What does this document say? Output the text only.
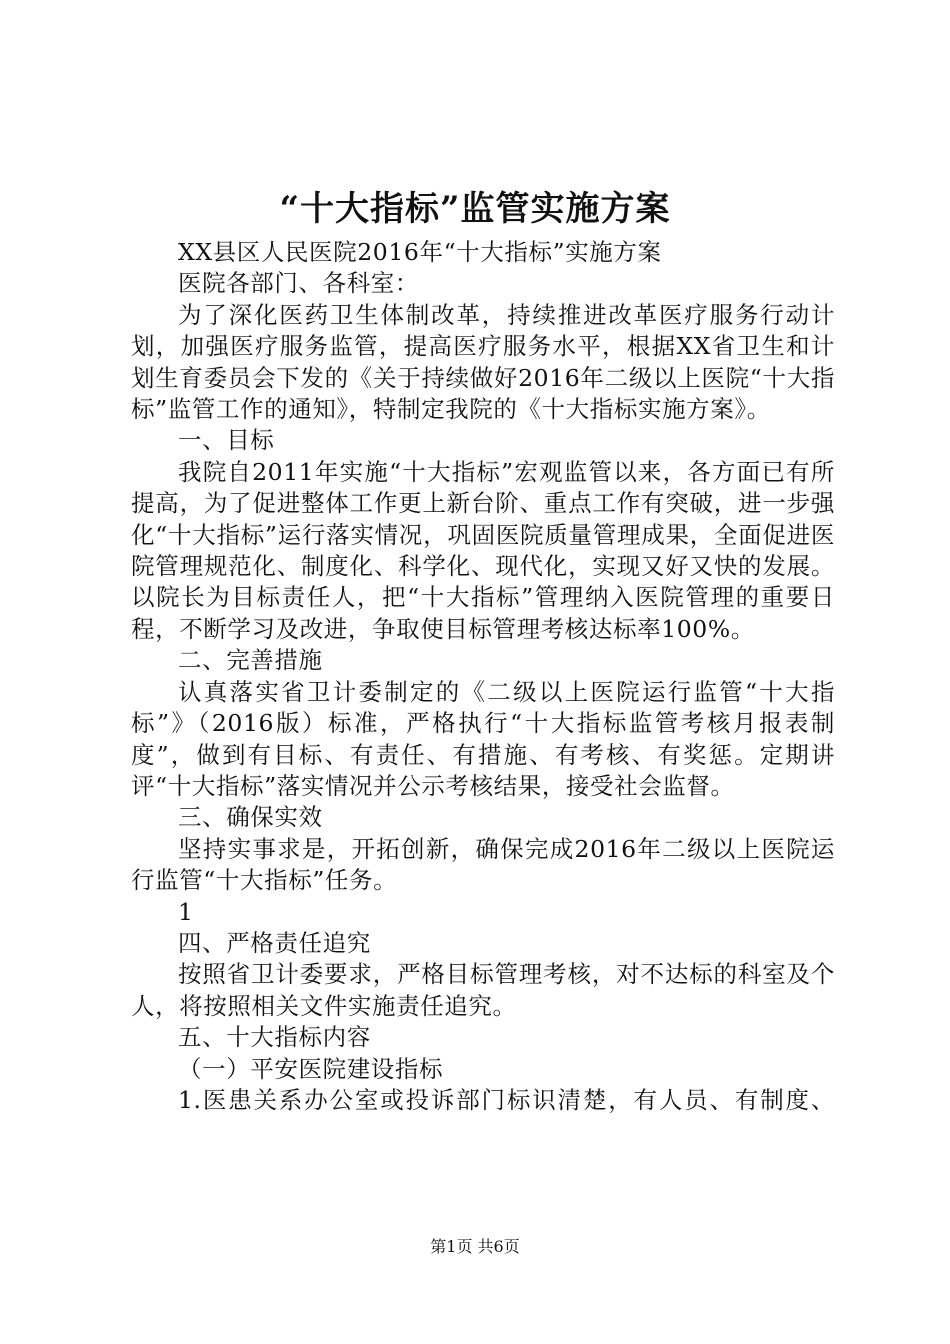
“十大指标”监管实施方案

XX县区人民医院2016年“十大指标”实施方案

医院各部门、各科室：

为了深化医药卫生体制改革，持续推进改革医疗服务行动计划，加强医疗服务监管，提高医疗服务水平，根据XX省卫生和计划生育委员会下发的《关于持续做好2016年二级以上医院“十大指标”监管工作的通知》，特制定我院的《十大指标实施方案》。

一、目标

我院自2011年实施“十大指标”宏观监管以来，各方面已有所提高，为了促进整体工作更上新台阶、重点工作有突破，进一步强化“十大指标”运行落实情况，巩固医院质量管理成果，全面促进医院管理规范化、制度化、科学化、现代化，实现又好又快的发展。以院长为目标责任人，把“十大指标”管理纳入医院管理的重要日程，不断学习及改进，争取使目标管理考核达标率100%。

二、完善措施

认真落实省卫计委制定的《二级以上医院运行监管“十大指标”》（2016版）标准，严格执行“十大指标监管考核月报表制度”，做到有目标、有责任、有措施、有考核、有奖惩。定期讲评“十大指标”落实情况并公示考核结果，接受社会监督。

三、确保实效

坚持实事求是，开拓创新，确保完成2016年二级以上医院运行监管“十大指标”任务。

1

四、严格责任追究

按照省卫计委要求，严格目标管理考核，对不达标的科室及个人，将按照相关文件实施责任追究。

五、十大指标内容

（一）平安医院建设指标

1.医患关系办公室或投诉部门标识清楚，有人员、有制度、

第1页 共6页
